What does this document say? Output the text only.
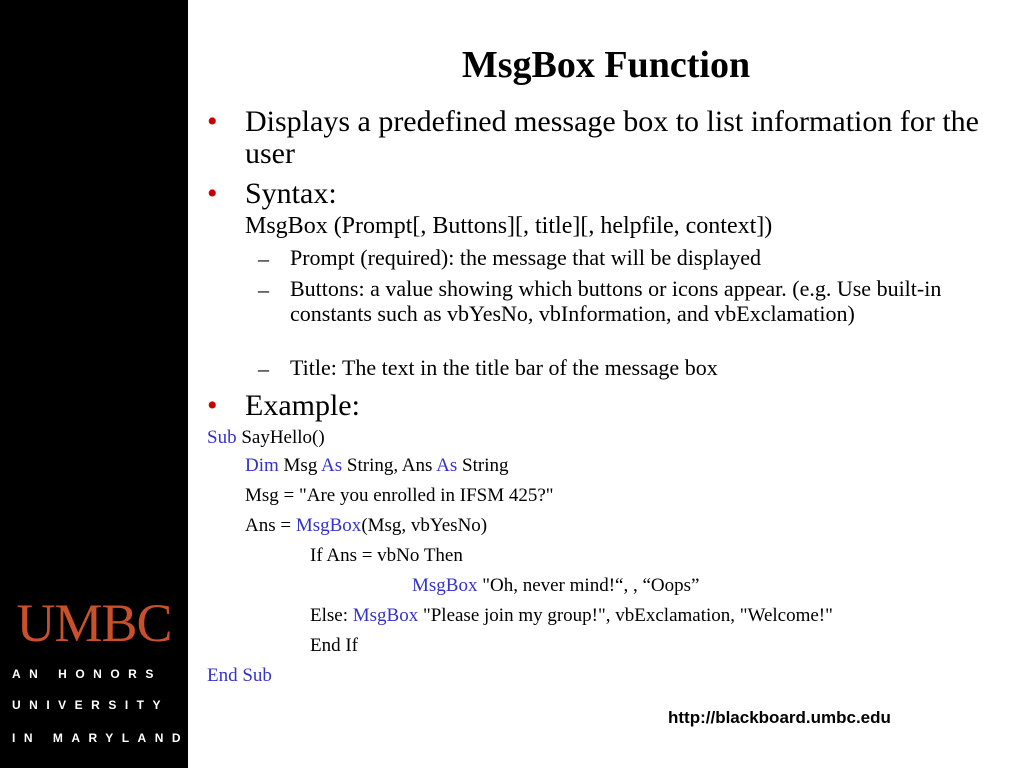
UMBC
AN HONORS
UNIVERSITY
IN MARYLAND
MsgBox Function
• Displays a predefined message box to list information for the user
• Syntax:
MsgBox (Prompt[, Buttons][, title][, helpfile, context])
– Prompt (required): the message that will be displayed
– Buttons: a value showing which buttons or icons appear. (e.g. Use built-in constants such as vbYesNo, vbInformation, and vbExclamation)
– Title: The text in the title bar of the message box
• Example:
Sub SayHello()
Dim Msg As String, Ans As String
Msg = "Are you enrolled in IFSM 425?"
Ans = MsgBox(Msg, vbYesNo)
If Ans = vbNo Then
MsgBox "Oh, never mind!“, , “Oops”
Else: MsgBox "Please join my group!", vbExclamation, "Welcome!"
End If
End Sub
http://blackboard.umbc.edu
